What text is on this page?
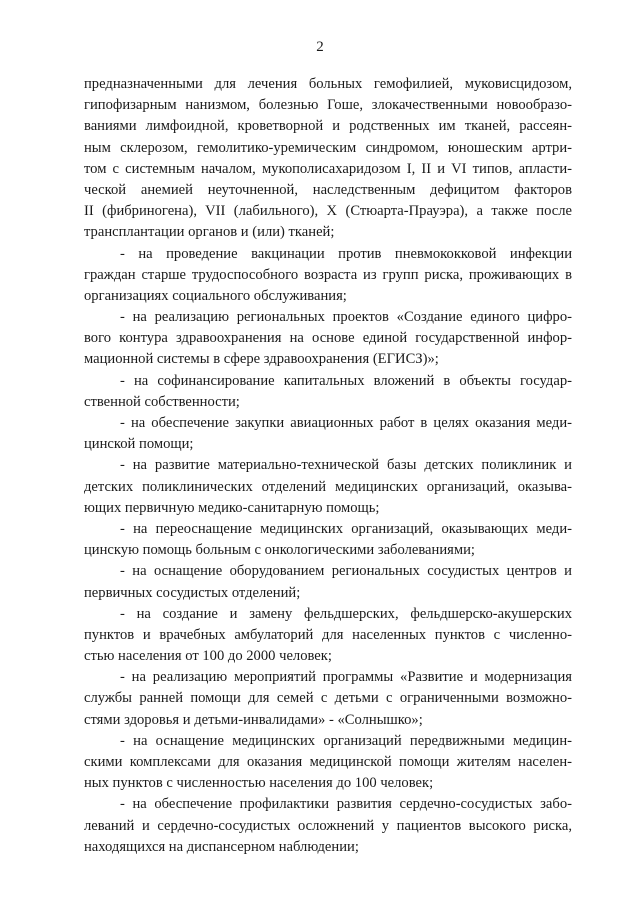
2
предназначенными для лечения больных гемофилией, муковисцидозом,
гипофизарным нанизмом, болезнью Гоше, злокачественными новообразо-
ваниями лимфоидной, кроветворной и родственных им тканей, рассеян-
ным склерозом, гемолитико-уремическим синдромом, юношеским артри-
том с системным началом, мукополисахаридозом I, II и VI типов, апласти-
ческой анемией неуточненной, наследственным дефицитом факторов
II (фибриногена), VII (лабильного), X (Стюарта-Прауэра), а также после
трансплантации органов и (или) тканей;
- на проведение вакцинации против пневмококковой инфекции
граждан старше трудоспособного возраста из групп риска, проживающих в
организациях социального обслуживания;
- на реализацию региональных проектов «Создание единого цифро-
вого контура здравоохранения на основе единой государственной инфор-
мационной системы в сфере здравоохранения (ЕГИСЗ)»;
- на софинансирование капитальных вложений в объекты государ-
ственной собственности;
- на обеспечение закупки авиационных работ в целях оказания меди-
цинской помощи;
- на развитие материально-технической базы детских поликлиник и
детских поликлинических отделений медицинских организаций, оказыва-
ющих первичную медико-санитарную помощь;
- на переоснащение медицинских организаций, оказывающих меди-
цинскую помощь больным с онкологическими заболеваниями;
- на оснащение оборудованием региональных сосудистых центров и
первичных сосудистых отделений;
- на создание и замену фельдшерских, фельдшерско-акушерских
пунктов и врачебных амбулаторий для населенных пунктов с численно-
стью населения от 100 до 2000 человек;
- на реализацию мероприятий программы «Развитие и модернизация
службы ранней помощи для семей с детьми с ограниченными возможно-
стями здоровья и детьми-инвалидами» - «Солнышко»;
- на оснащение медицинских организаций передвижными медицин-
скими комплексами для оказания медицинской помощи жителям населен-
ных пунктов с численностью населения до 100 человек;
- на обеспечение профилактики развития сердечно-сосудистых забо-
леваний и сердечно-сосудистых осложнений у пациентов высокого риска,
находящихся на диспансерном наблюдении;
